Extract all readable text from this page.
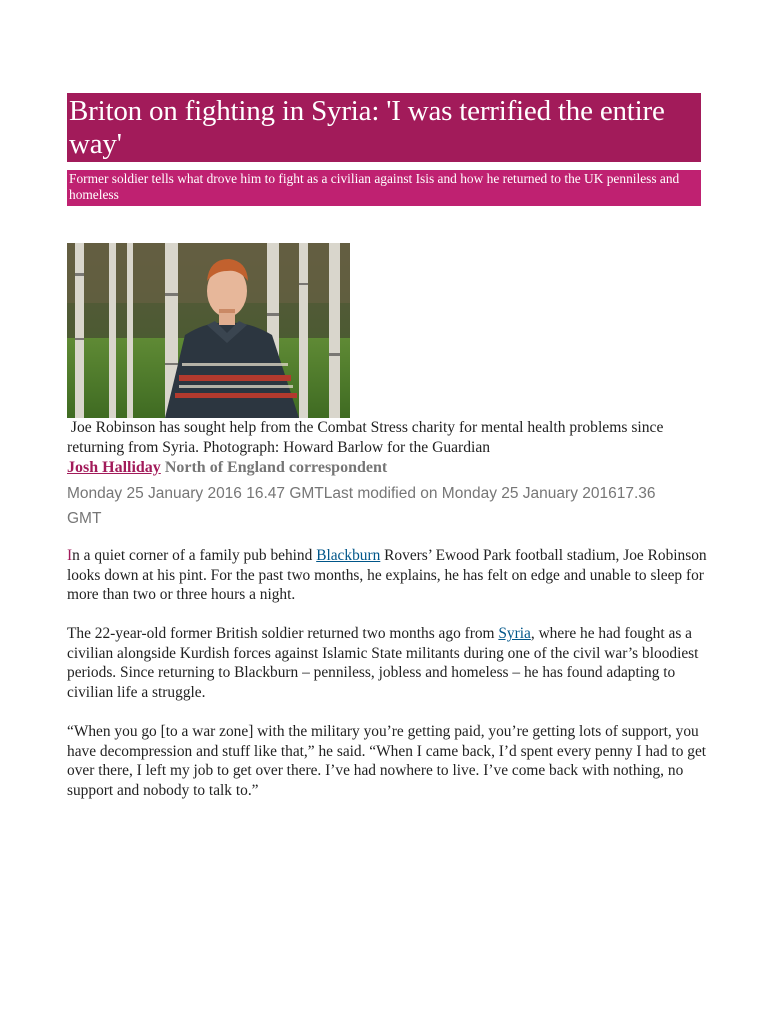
Briton on fighting in Syria: 'I was terrified the entire way'
Former soldier tells what drove him to fight as a civilian against Isis and how he returned to the UK penniless and homeless
Joe Robinson has sought help from the Combat Stress charity for mental health problems since returning from Syria. Photograph: Howard Barlow for the Guardian
Josh Halliday North of England correspondent
Monday 25 January 2016 16.47 GMTLast modified on Monday 25 January 201617.36 GMT

In a quiet corner of a family pub behind Blackburn Rovers’ Ewood Park football stadium, Joe Robinson looks down at his pint. For the past two months, he explains, he has felt on edge and unable to sleep for more than two or three hours a night.

The 22-year-old former British soldier returned two months ago from Syria, where he had fought as a civilian alongside Kurdish forces against Islamic State militants during one of the civil war’s bloodiest periods. Since returning to Blackburn – penniless, jobless and homeless – he has found adapting to civilian life a struggle.

“When you go [to a war zone] with the military you’re getting paid, you’re getting lots of support, you have decompression and stuff like that,” he said. “When I came back, I’d spent every penny I had to get over there, I left my job to get over there. I’ve had nowhere to live. I’ve come back with nothing, no support and nobody to talk to.”
